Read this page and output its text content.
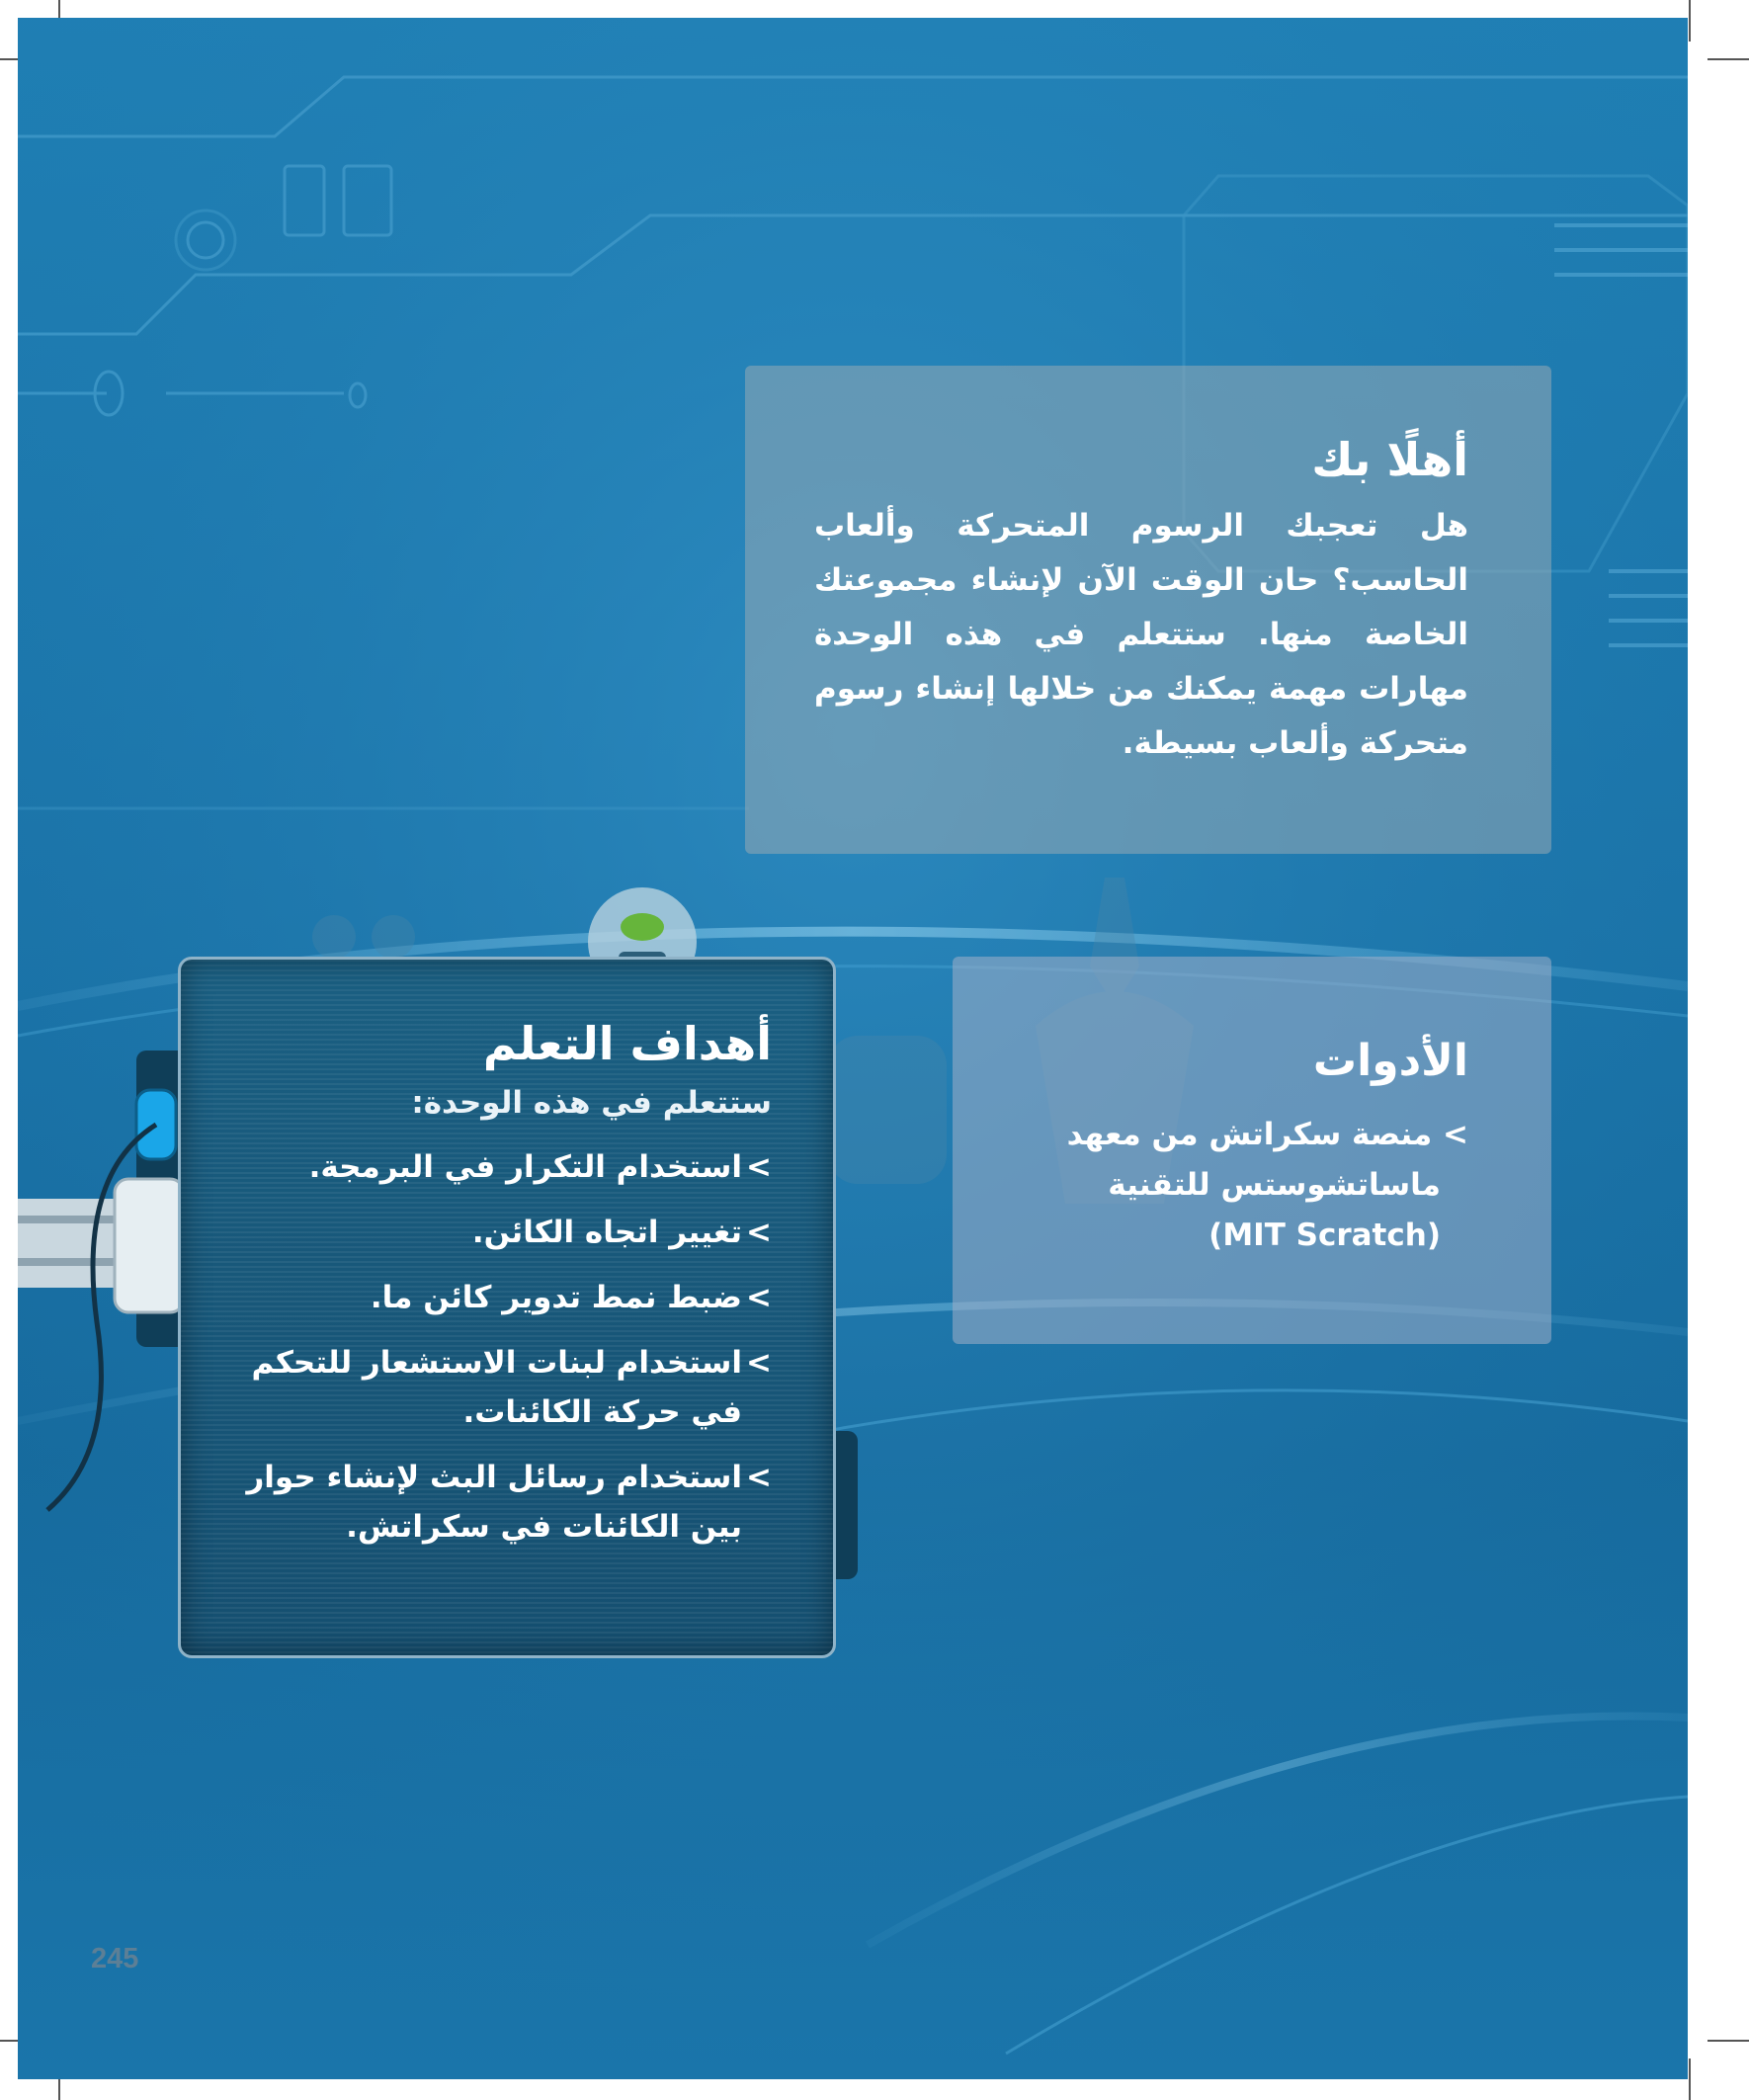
أهلًا بك

هل تعجبك الرسوم المتحركة وألعاب الحاسب؟ حان الوقت الآن لإنشاء مجموعتك الخاصة منها. ستتعلم في هذه الوحدة مهارات مهمة يمكنك من خلالها إنشاء رسوم متحركة وألعاب بسيطة.

الأدوات

> منصة سكراتش من معهد
ماساتشوستس للتقنية
(MIT Scratch)

أهداف التعلم

ستتعلم في هذه الوحدة:

>
استخدام التكرار في البرمجة.
>
تغيير اتجاه الكائن.
>
ضبط نمط تدوير كائن ما.
>
استخدام لبنات الاستشعار للتحكم في حركة الكائنات.
>
استخدام رسائل البث لإنشاء حوار بين الكائنات في سكراتش.
245
